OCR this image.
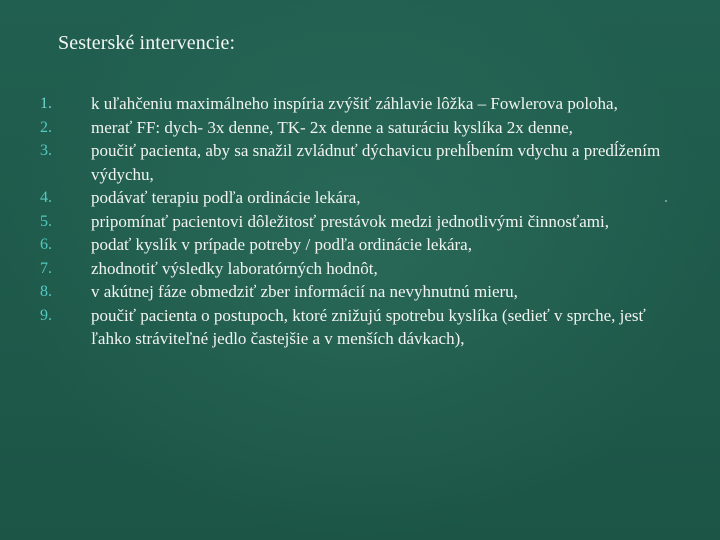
Sesterské intervencie:
1.	k uľahčeniu maximálneho inspíria zvýšiť záhlavie lôžka – Fowlerova poloha,
2.	merať FF: dych- 3x denne, TK- 2x denne a saturáciu kyslíka 2x denne,
3.	poučiť pacienta, aby sa snažil zvládnuť dýchavicu prehĺbením vdychu a predĺžením výdychu,
4.	podávať terapiu podľa ordinácie lekára,
5.	pripomínať pacientovi dôležitosť prestávok medzi jednotlivými činnosťami,
6.	podať kyslík v prípade potreby / podľa ordinácie lekára,
7.	zhodnotiť výsledky laboratórných hodnôt,
8.	v akútnej fáze obmedziť zber informácií na nevyhnutnú mieru,
9.	poučiť pacienta o postupoch, ktoré znižujú spotrebu kyslíka (sedieť v sprche, jesť ľahko stráviteľné jedlo častejšie a v menších dávkach),
